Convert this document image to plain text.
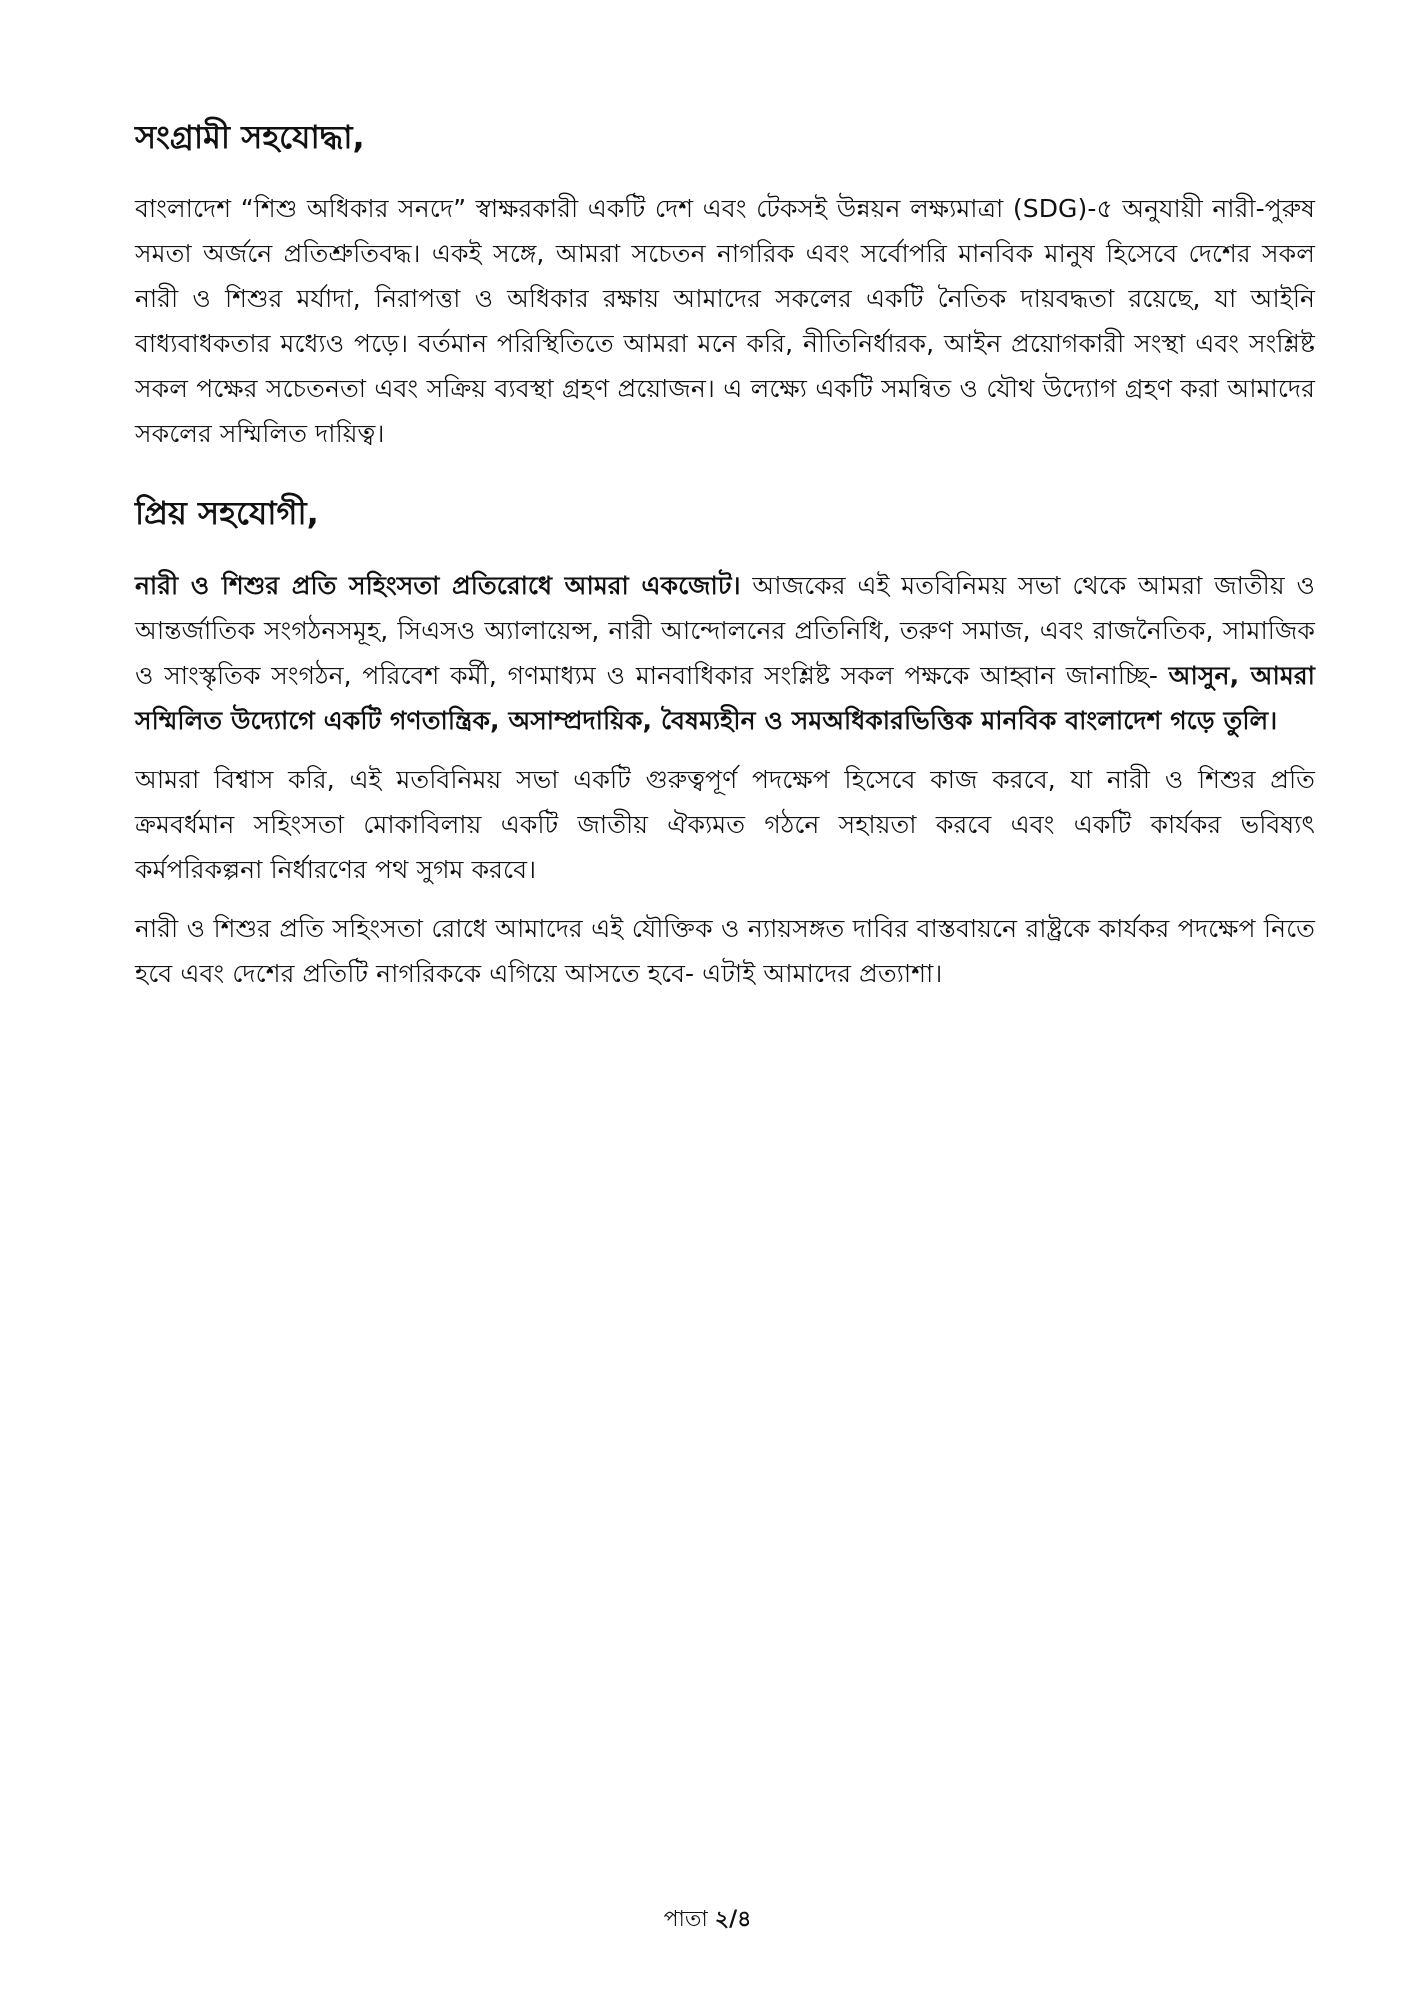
সংগ্রামী সহযোদ্ধা,

বাংলাদেশ “শিশু অধিকার সনদে” স্বাক্ষরকারী একটি দেশ এবং টেকসই উন্নয়ন লক্ষ্যমাত্রা (SDG)-৫ অনুযায়ী নারী-পুরুষ সমতা অর্জনে প্রতিশ্রুতিবদ্ধ। একই সঙ্গে, আমরা সচেতন নাগরিক এবং সর্বোপরি মানবিক মানুষ হিসেবে দেশের সকল নারী ও শিশুর মর্যাদা, নিরাপত্তা ও অধিকার রক্ষায় আমাদের সকলের একটি নৈতিক দায়বদ্ধতা রয়েছে, যা আইনি বাধ্যবাধকতার মধ্যেও পড়ে। বর্তমান পরিস্থিতিতে আমরা মনে করি, নীতিনির্ধারক, আইন প্রয়োগকারী সংস্থা এবং সংশ্লিষ্ট সকল পক্ষের সচেতনতা এবং সক্রিয় ব্যবস্থা গ্রহণ প্রয়োজন। এ লক্ষ্যে একটি সমন্বিত ও যৌথ উদ্যোগ গ্রহণ করা আমাদের সকলের সম্মিলিত দায়িত্ব।

প্রিয় সহযোগী,

নারী ও শিশুর প্রতি সহিংসতা প্রতিরোধে আমরা একজোট। আজকের এই মতবিনিময় সভা থেকে আমরা জাতীয় ও আন্তর্জাতিক সংগঠনসমূহ, সিএসও অ্যালায়েন্স, নারী আন্দোলনের প্রতিনিধি, তরুণ সমাজ, এবং রাজনৈতিক, সামাজিক ও সাংস্কৃতিক সংগঠন, পরিবেশ কর্মী, গণমাধ্যম ও মানবাধিকার সংশ্লিষ্ট সকল পক্ষকে আহ্বান জানাচ্ছি- আসুন, আমরা সম্মিলিত উদ্যোগে একটি গণতান্ত্রিক, অসাম্প্রদায়িক, বৈষম্যহীন ও সমঅধিকারভিত্তিক মানবিক বাংলাদেশ গড়ে তুলি।

আমরা বিশ্বাস করি, এই মতবিনিময় সভা একটি গুরুত্বপূর্ণ পদক্ষেপ হিসেবে কাজ করবে, যা নারী ও শিশুর প্রতি ক্রমবর্ধমান সহিংসতা মোকাবিলায় একটি জাতীয় ঐক্যমত গঠনে সহায়তা করবে এবং একটি কার্যকর ভবিষ্যৎ কর্মপরিকল্পনা নির্ধারণের পথ সুগম করবে।

নারী ও শিশুর প্রতি সহিংসতা রোধে আমাদের এই যৌক্তিক ও ন্যায়সঙ্গত দাবির বাস্তবায়নে রাষ্ট্রকে কার্যকর পদক্ষেপ নিতে হবে এবং দেশের প্রতিটি নাগরিককে এগিয়ে আসতে হবে- এটাই আমাদের প্রত্যাশা।

পাতা ২/৪
